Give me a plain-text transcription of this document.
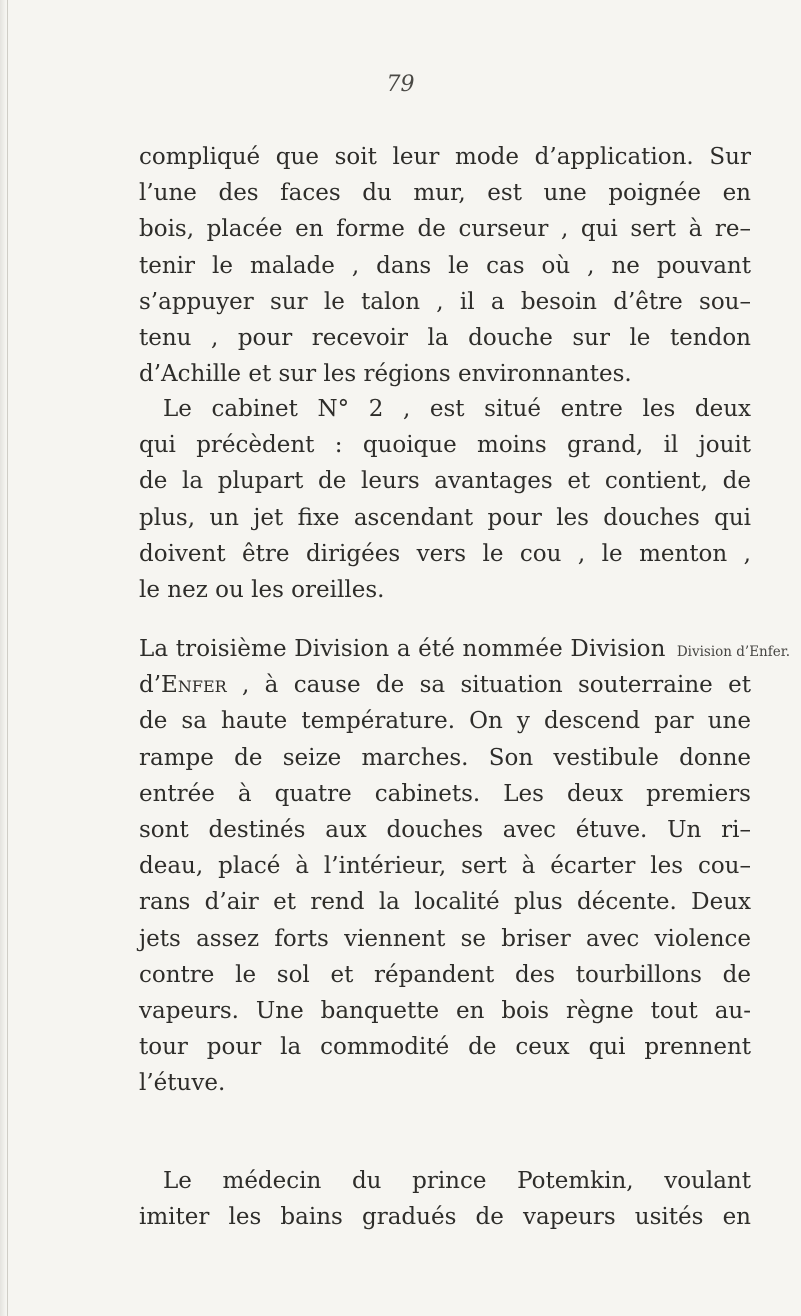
79
compliqué que soit leur mode d’application. Sur
l’une des faces du mur, est une poignée en
bois, placée en forme de curseur , qui sert à re–
tenir le malade , dans le cas où , ne pouvant
s’appuyer sur le talon , il a besoin d’être sou–
tenu , pour recevoir la douche sur le tendon
d’Achille et sur les régions environnantes.
Le cabinet N° 2 , est situé entre les deux
qui précèdent : quoique moins grand, il jouit
de la plupart de leurs avantages et contient, de
plus, un jet fixe ascendant pour les douches qui
doivent être dirigées vers le cou , le menton ,
le nez ou les oreilles.
Division d’Enfer.
La troisième Division a été nommée Division
d’Enfer , à cause de sa situation souterraine et
de sa haute température. On y descend par une
rampe de seize marches. Son vestibule donne
entrée à quatre cabinets. Les deux premiers
sont destinés aux douches avec étuve. Un ri–
deau, placé à l’intérieur, sert à écarter les cou–
rans d’air et rend la localité plus décente. Deux
jets assez forts viennent se briser avec violence
contre le sol et répandent des tourbillons de
vapeurs. Une banquette en bois règne tout au-
tour pour la commodité de ceux qui prennent
l’étuve.
Le médecin du prince Potemkin, voulant
imiter les bains gradués de vapeurs usités en
